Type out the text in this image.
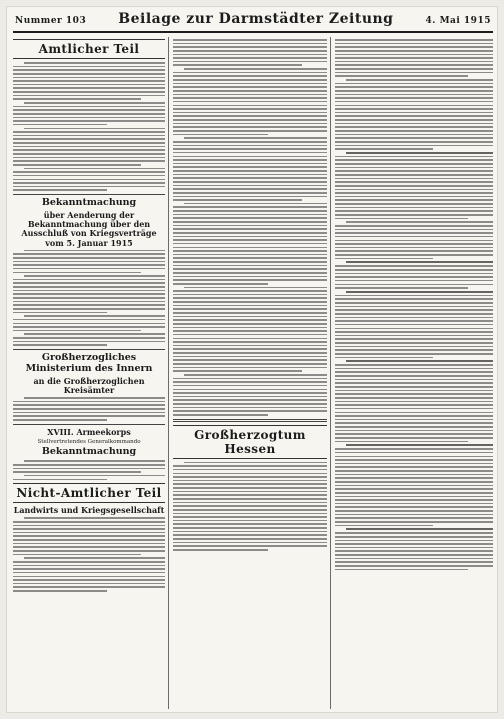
Nummer 103 Beilage zur Darmstädter Zeitung	4. Mai 1915
Amtlicher Teil
Bekanntmachung
über Aenderung der Bekanntmachung über den Ausschluß von Kriegsverträge vom 5. Januar 1915
Großherzogliches Ministerium des Innern
an die Großherzoglichen Kreisämter
XVIII. Armeekorps
Stellvertretendes Generalkommando
Bekanntmachung
Nicht-Amtlicher Teil
Landwirts und Kriegsgesellschaft
Großherzogtum Hessen
